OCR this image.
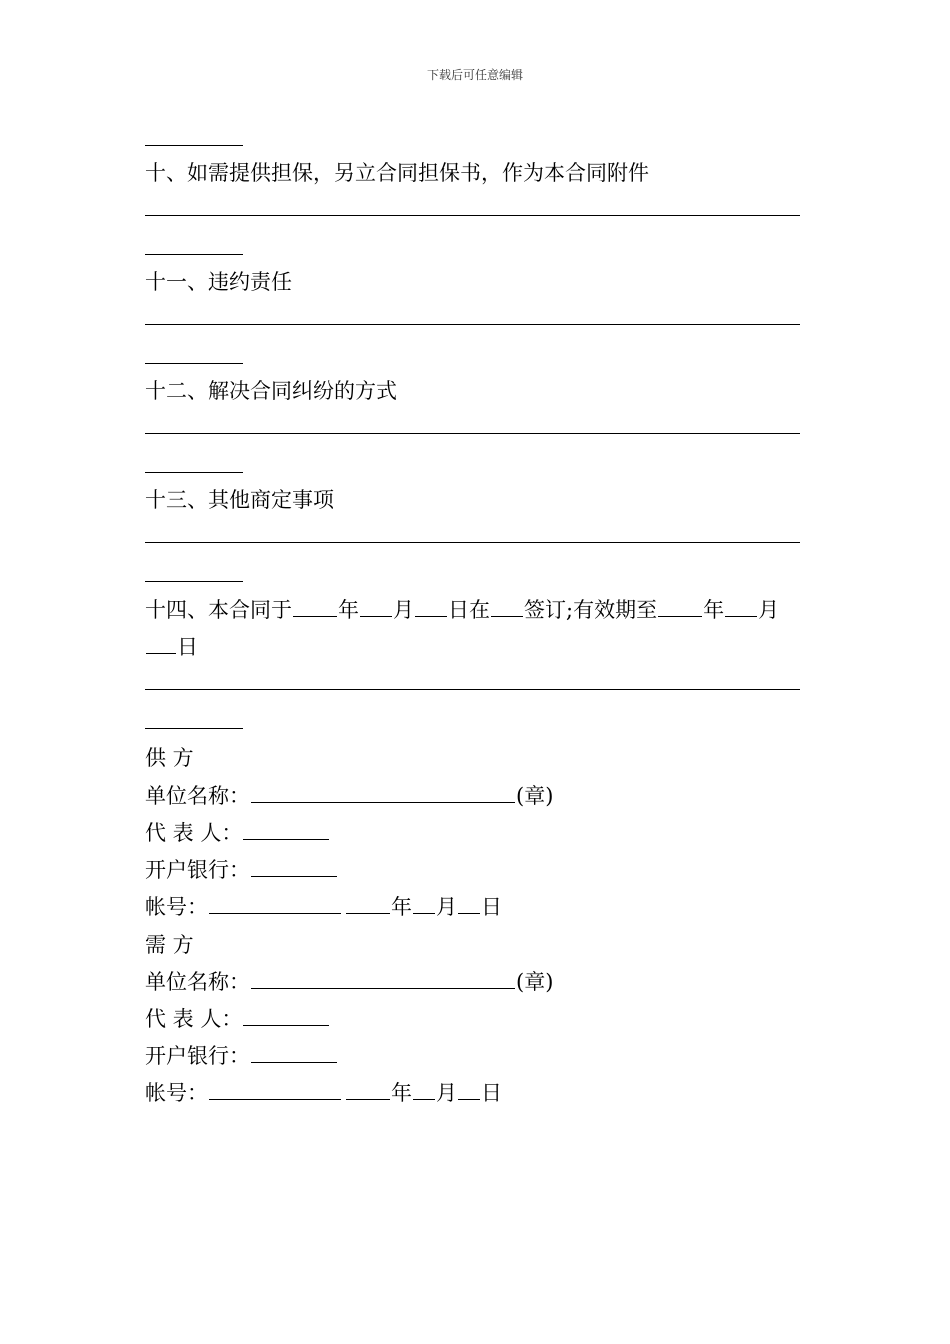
下载后可任意编辑
十、如需提供担保，另立合同担保书，作为本合同附件
十一、违约责任
十二、解决合同纠纷的方式
十三、其他商定事项
十四、本合同于 年 月 日在 签订;有效期至 年 月
日
供 方
单位名称：	(章)
代 表 人：
开户银行：
帐号：	年 月 日
需 方
单位名称：	(章)
代 表 人：
开户银行：
帐号：	年 月 日
